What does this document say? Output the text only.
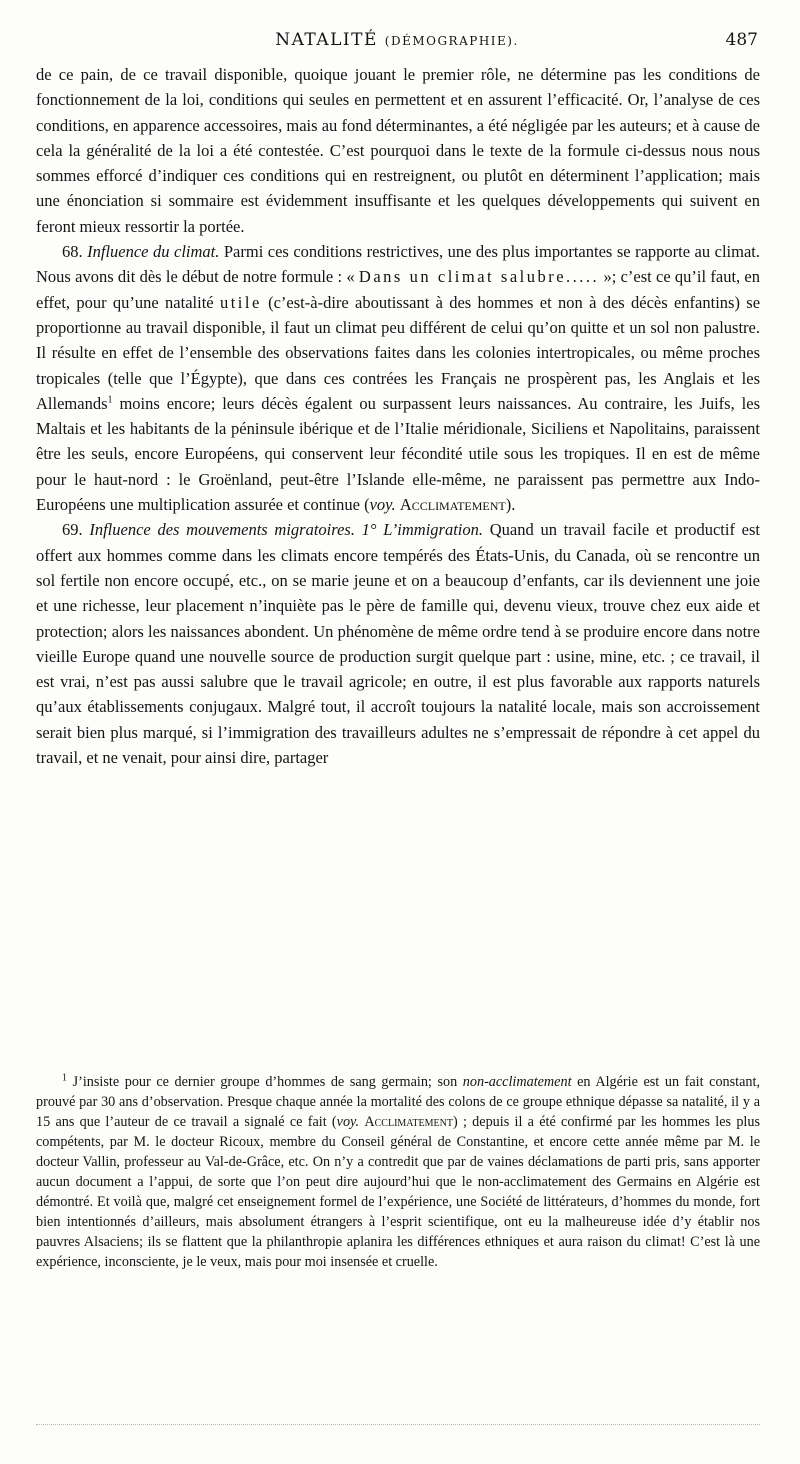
NATALITÉ (DÉMOGRAPHIE).	487

de ce pain, de ce travail disponible, quoique jouant le premier rôle, ne détermine pas les conditions de fonctionnement de la loi, conditions qui seules en permettent et en assurent l’efficacité. Or, l’analyse de ces conditions, en apparence accessoires, mais au fond déterminantes, a été négligée par les auteurs; et à cause de cela la généralité de la loi a été contestée. C’est pourquoi dans le texte de la formule ci-dessus nous nous sommes efforcé d’indiquer ces conditions qui en restreignent, ou plutôt en déterminent l’application; mais une énonciation si sommaire est évidemment insuffisante et les quelques développements qui suivent en feront mieux ressortir la portée.

68. Influence du climat. Parmi ces conditions restrictives, une des plus importantes se rapporte au climat. Nous avons dit dès le début de notre formule : « Dans un climat salubre..... »; c’est ce qu’il faut, en effet, pour qu’une natalité utile (c’est-à-dire aboutissant à des hommes et non à des décès enfantins) se proportionne au travail disponible, il faut un climat peu différent de celui qu’on quitte et un sol non palustre. Il résulte en effet de l’ensemble des observations faites dans les colonies intertropicales, ou même proches tropicales (telle que l’Égypte), que dans ces contrées les Français ne prospèrent pas, les Anglais et les Allemands$^1$ moins encore; leurs décès égalent ou surpassent leurs naissances. Au contraire, les Juifs, les Maltais et les habitants de la péninsule ibérique et de l’Italie méridionale, Siciliens et Napolitains, paraissent être les seuls, encore Européens, qui conservent leur fécondité utile sous les tropiques. Il en est de même pour le haut-nord : le Groënland, peut-être l’Islande elle-même, ne paraissent pas permettre aux Indo-Européens une multiplication assurée et continue (voy. Acclimatement).

69. Influence des mouvements migratoires. 1° L’immigration. Quand un travail facile et productif est offert aux hommes comme dans les climats encore tempérés des États-Unis, du Canada, où se rencontre un sol fertile non encore occupé, etc., on se marie jeune et on a beaucoup d’enfants, car ils deviennent une joie et une richesse, leur placement n’inquiète pas le père de famille qui, devenu vieux, trouve chez eux aide et protection; alors les naissances abondent. Un phénomène de même ordre tend à se produire encore dans notre vieille Europe quand une nouvelle source de production surgit quelque part : usine, mine, etc. ; ce travail, il est vrai, n’est pas aussi salubre que le travail agricole; en outre, il est plus favorable aux rapports naturels qu’aux établissements conjugaux. Malgré tout, il accroît toujours la natalité locale, mais son accroissement serait bien plus marqué, si l’immigration des travailleurs adultes ne s’empressait de répondre à cet appel du travail, et ne venait, pour ainsi dire, partager

$^1$ J’insiste pour ce dernier groupe d’hommes de sang germain; son non-acclimatement en Algérie est un fait constant, prouvé par 30 ans d’observation. Presque chaque année la mortalité des colons de ce groupe ethnique dépasse sa natalité, il y a 15 ans que l’auteur de ce travail a signalé ce fait (voy. Acclimatement) ; depuis il a été confirmé par les hommes les plus compétents, par M. le docteur Ricoux, membre du Conseil général de Constantine, et encore cette année même par M. le docteur Vallin, professeur au Val-de-Grâce, etc. On n’y a contredit que par de vaines déclamations de parti pris, sans apporter aucun document a l’appui, de sorte que l’on peut dire aujourd’hui que le non-acclimatement des Germains en Algérie est démontré. Et voilà que, malgré cet enseignement formel de l’expérience, une Société de littérateurs, d’hommes du monde, fort bien intentionnés d’ailleurs, mais absolument étrangers à l’esprit scientifique, ont eu la malheureuse idée d’y établir nos pauvres Alsaciens; ils se flattent que la philanthropie aplanira les différences ethniques et aura raison du climat! C’est là une expérience, inconsciente, je le veux, mais pour moi insensée et cruelle.
